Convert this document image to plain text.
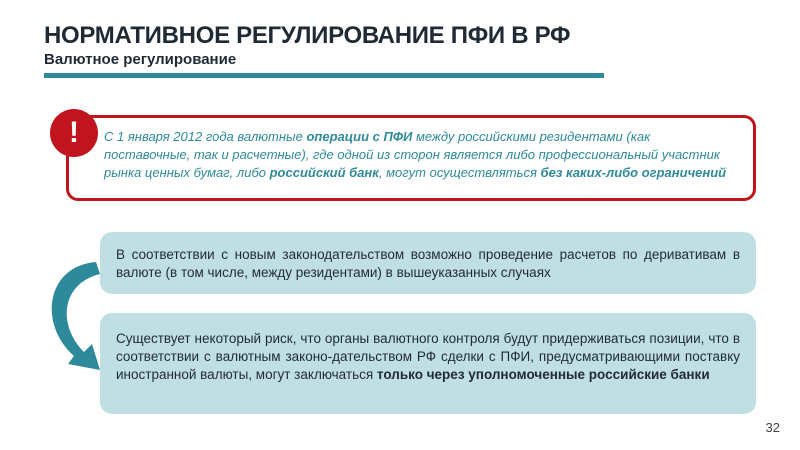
НОРМАТИВНОЕ РЕГУЛИРОВАНИЕ ПФИ В РФ
Валютное регулирование
С 1 января 2012 года валютные операции с ПФИ между российскими резидентами (как поставочные, так и расчетные), где одной из сторон является либо профессиональный участник рынка ценных бумаг, либо российский банк, могут осуществляться без каких-либо ограничений
!
В соответствии с новым законодательством возможно проведение расчетов по деривативам в валюте (в том числе, между резидентами) в вышеуказанных случаях
Существует некоторый риск, что органы валютного контроля будут придерживаться позиции, что в соответствии с валютным законо-дательством РФ сделки с ПФИ, предусматривающими поставку иностранной валюты, могут заключаться только через уполномоченные российские банки
32
